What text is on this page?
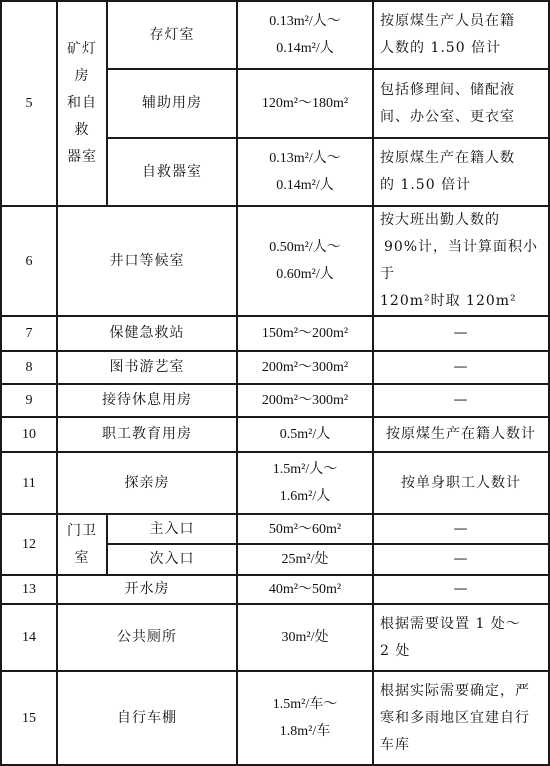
5	矿灯房
和自救
器室	存灯室	0.13m²/人～
0.14m²/人	按原煤生产人员在籍
人数的 1.50 倍计

		辅助用房	120m²～180m²	包括修理间、储配液
间、办公室、更衣室

		自救器室	0.13m²/人～
0.14m²/人	按原煤生产在籍人数
的 1.50 倍计

6	井口等候室		0.50m²/人～
0.60m²/人	按大班出勤人数的
90%计，当计算面积小于
120m²时取 120m²

7	保健急救站		150m²～200m²	—
8	图书游艺室		200m²～300m²	—
9	接待休息用房		200m²～300m²	—
10	职工教育用房		0.5m²/人	按原煤生产在籍人数计
11	探亲房		1.5m²/人～
1.6m²/人	按单身职工人数计
12	门卫室	主入口	50m²～60m²	—
		次入口	25m²/处	—
13	开水房		40m²～50m²	—
14	公共厕所		30m²/处	根据需要设置 1 处～
2 处

15	自行车棚		1.5m²/车～
1.8m²/车	根据实际需要确定，严
寒和多雨地区宜建自行
车库
